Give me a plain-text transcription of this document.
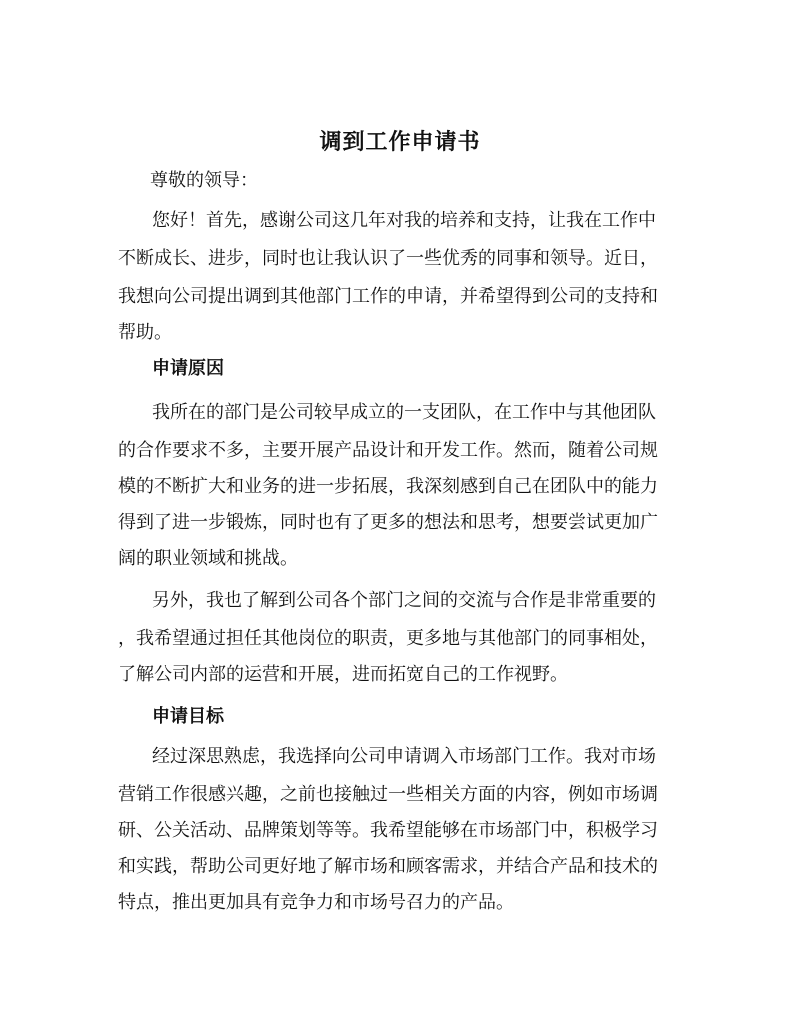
调到工作申请书

尊敬的领导：

您好！首先，感谢公司这几年对我的培养和支持，让我在工作中

不断成长、进步，同时也让我认识了一些优秀的同事和领导。近日，

我想向公司提出调到其他部门工作的申请，并希望得到公司的支持和

帮助。

申请原因

我所在的部门是公司较早成立的一支团队，在工作中与其他团队

的合作要求不多，主要开展产品设计和开发工作。然而，随着公司规

模的不断扩大和业务的进一步拓展，我深刻感到自己在团队中的能力

得到了进一步锻炼，同时也有了更多的想法和思考，想要尝试更加广

阔的职业领域和挑战。

另外，我也了解到公司各个部门之间的交流与合作是非常重要的

，我希望通过担任其他岗位的职责，更多地与其他部门的同事相处，

了解公司内部的运营和开展，进而拓宽自己的工作视野。

申请目标

经过深思熟虑，我选择向公司申请调入市场部门工作。我对市场

营销工作很感兴趣，之前也接触过一些相关方面的内容，例如市场调

研、公关活动、品牌策划等等。我希望能够在市场部门中，积极学习

和实践，帮助公司更好地了解市场和顾客需求，并结合产品和技术的

特点，推出更加具有竞争力和市场号召力的产品。
